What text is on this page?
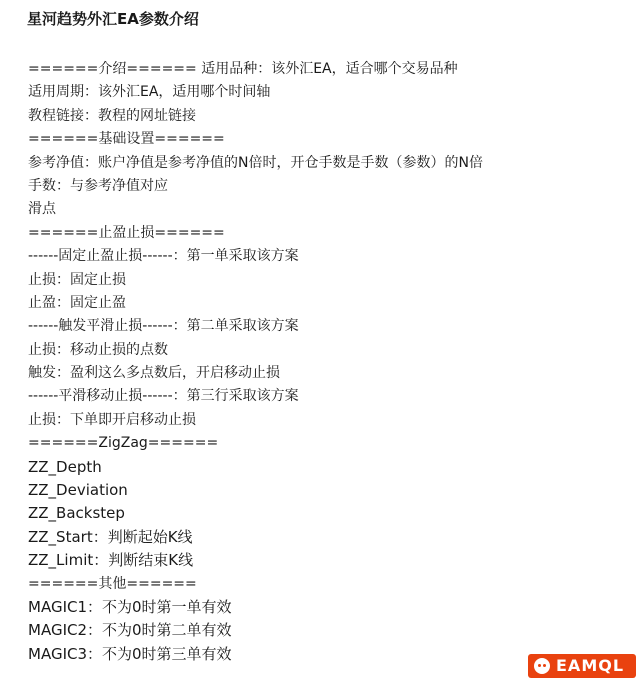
星河趋势外汇EA参数介绍
======介绍====== 适用品种：该外汇EA，适合哪个交易品种
适用周期：该外汇EA，适用哪个时间轴
教程链接：教程的网址链接
======基础设置======
参考净值：账户净值是参考净值的N倍时，开仓手数是手数（参数）的N倍
手数：与参考净值对应
滑点
======止盈止损======
------固定止盈止损------：第一单采取该方案
止损：固定止损
止盈：固定止盈
------触发平滑止损------：第二单采取该方案
止损：移动止损的点数
触发：盈利这么多点数后，开启移动止损
------平滑移动止损------：第三行采取该方案
止损：下单即开启移动止损
======ZigZag======
ZZ_Depth
ZZ_Deviation
ZZ_Backstep
ZZ_Start：判断起始K线
ZZ_Limit：判断结束K线
======其他======
MAGIC1：不为0时第一单有效
MAGIC2：不为0时第二单有效
MAGIC3：不为0时第三单有效
EAMQL
